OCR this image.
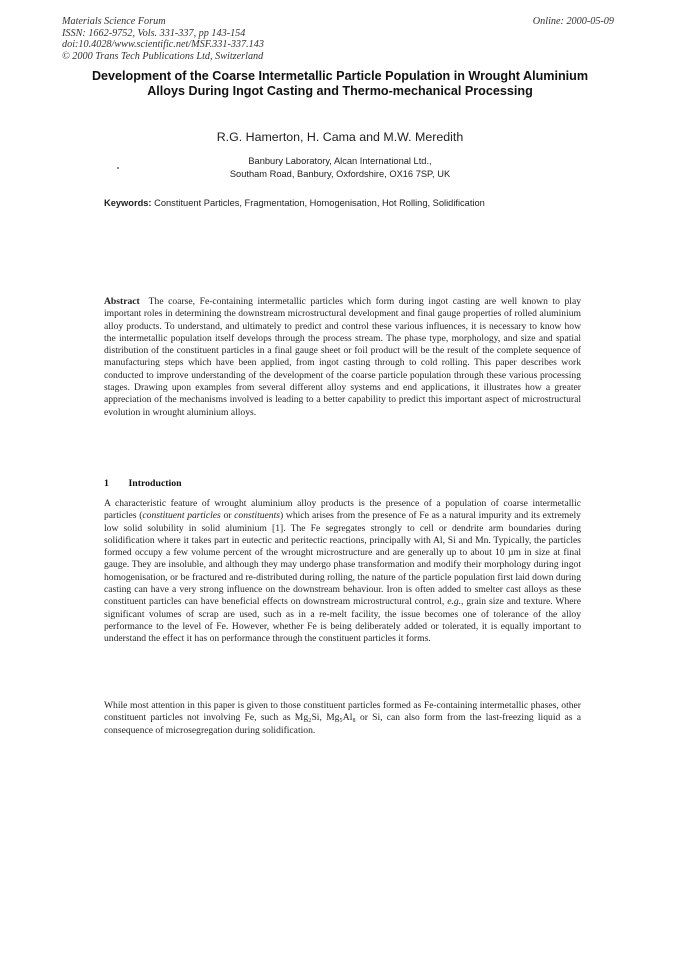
Materials Science Forum
ISSN: 1662-9752, Vols. 331-337, pp 143-154
doi:10.4028/www.scientific.net/MSF.331-337.143
© 2000 Trans Tech Publications Ltd, Switzerland
Online: 2000-05-09
Development of the Coarse Intermetallic Particle Population in Wrought Aluminium Alloys During Ingot Casting and Thermo-mechanical Processing
R.G. Hamerton, H. Cama and M.W. Meredith
Banbury Laboratory, Alcan International Ltd.,
Southam Road, Banbury, Oxfordshire, OX16 7SP, UK
Keywords: Constituent Particles, Fragmentation, Homogenisation, Hot Rolling, Solidification
Abstract The coarse, Fe-containing intermetallic particles which form during ingot casting are well known to play important roles in determining the downstream microstructural development and final gauge properties of rolled aluminium alloy products. To understand, and ultimately to predict and control these various influences, it is necessary to know how the intermetallic population itself develops through the process stream. The phase type, morphology, and size and spatial distribution of the constituent particles in a final gauge sheet or foil product will be the result of the complete sequence of manufacturing steps which have been applied, from ingot casting through to cold rolling. This paper describes work conducted to improve understanding of the development of the coarse particle population through these various processing stages. Drawing upon examples from several different alloy systems and end applications, it illustrates how a greater appreciation of the mechanisms involved is leading to a better capability to predict this important aspect of microstructural evolution in wrought aluminium alloys.
1 Introduction
A characteristic feature of wrought aluminium alloy products is the presence of a population of coarse intermetallic particles (constituent particles or constituents) which arises from the presence of Fe as a natural impurity and its extremely low solid solubility in solid aluminium [1]. The Fe segregates strongly to cell or dendrite arm boundaries during solidification where it takes part in eutectic and peritectic reactions, principally with Al, Si and Mn. Typically, the particles formed occupy a few volume percent of the wrought microstructure and are generally up to about 10 µm in size at final gauge. They are insoluble, and although they may undergo phase transformation and modify their morphology during ingot homogenisation, or be fractured and re-distributed during rolling, the nature of the particle population first laid down during casting can have a very strong influence on the downstream behaviour. Iron is often added to smelter cast alloys as these constituent particles can have beneficial effects on downstream microstructural control, e.g., grain size and texture. Where significant volumes of scrap are used, such as in a re-melt facility, the issue becomes one of tolerance of the alloy performance to the level of Fe. However, whether Fe is being deliberately added or tolerated, it is equally important to understand the effect it has on performance through the constituent particles it forms.
While most attention in this paper is given to those constituent particles formed as Fe-containing intermetallic phases, other constituent particles not involving Fe, such as Mg₂Si, Mg₅Al₈ or Si, can also form from the last-freezing liquid as a consequence of microsegregation during solidification.
